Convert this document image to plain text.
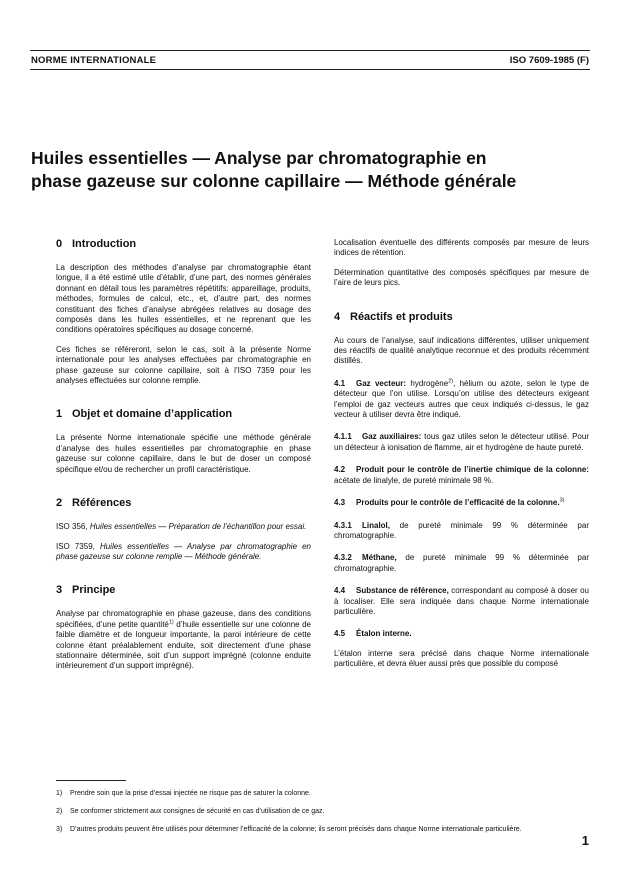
NORME INTERNATIONALE	ISO 7609-1985 (F)
Huiles essentielles — Analyse par chromatographie en
phase gazeuse sur colonne capillaire — Méthode générale
0 Introduction

La description des méthodes d’analyse par chromatographie étant longue, il a été estimé utile d’établir, d’une part, des normes générales donnant en détail tous les paramètres répétitifs: appareillage, produits, méthodes, formules de calcul, etc., et, d’autre part, des normes constituant des fiches d’analyse abrégées relatives au dosage des composés dans les huiles essentielles, et ne reprenant que les conditions opératoires spécifiques au dosage concerné.

Ces fiches se référeront, selon le cas, soit à la présente Norme internationale pour les analyses effectuées par chromatographie en phase gazeuse sur colonne capillaire, soit à l’ISO 7359 pour les analyses effectuées sur colonne remplie.

1 Objet et domaine d’application

La présente Norme internationale spécifie une méthode générale d’analyse des huiles essentielles par chromatographie en phase gazeuse sur colonne capillaire, dans le but de doser un composé spécifique et/ou de rechercher un profil caractéristique.

2 Références

ISO 356, Huiles essentielles — Préparation de l’échantillon pour essai.

ISO 7359, Huiles essentielles — Analyse par chromatographie en phase gazeuse sur colonne remplie — Méthode générale.

3 Principe

Analyse par chromatographie en phase gazeuse, dans des conditions spécifiées, d’une petite quantité$^{1)}$ d’huile essentielle sur une colonne de faible diamètre et de longueur importante, la paroi intérieure de cette colonne étant préalablement enduite, soit directement d’une phase stationnaire déterminée, soit d’un support imprégné (colonne enduite intérieurement d’un support imprégné).

Localisation éventuelle des différents composés par mesure de leurs indices de rétention.

Détermination quantitative des composés spécifiques par mesure de l’aire de leurs pics.

4 Réactifs et produits

Au cours de l’analyse, sauf indications différentes, utiliser uniquement des réactifs de qualité analytique reconnue et des produits récemment distillés.

4.1 Gaz vecteur: hydrogène$^{2)}$, hélium ou azote, selon le type de détecteur que l’on utilise. Lorsqu’on utilise des détecteurs exigeant l’emploi de gaz vecteurs autres que ceux indiqués ci-dessus, le gaz vecteur à utiliser devra être indiqué.

4.1.1 Gaz auxiliaires: tous gaz utiles selon le détecteur utilisé. Pour un détecteur à ionisation de flamme, air et hydrogène de haute pureté.

4.2 Produit pour le contrôle de l’inertie chimique de la colonne: acétate de linalyle, de pureté minimale 98 %.

4.3 Produits pour le contrôle de l’efficacité de la colonne.$^{3)}$

4.3.1 Linalol, de pureté minimale 99 % déterminée par chromatographie.

4.3.2 Méthane, de pureté minimale 99 % déterminée par chromatographie.

4.4 Substance de référence, correspondant au composé à doser ou à localiser. Elle sera indiquée dans chaque Norme internationale particulière.

4.5 Étalon interne.

L’étalon interne sera précisé dans chaque Norme internationale particulière, et devra éluer aussi près que possible du composé

1)	Prendre soin que la prise d’essai injectée ne risque pas de saturer la colonne.
2)	Se conformer strictement aux consignes de sécurité en cas d’utilisation de ce gaz.
3)	D’autres produits peuvent être utilisés pour déterminer l’efficacité de la colonne; ils seront précisés dans chaque Norme internationale particulière.
1
